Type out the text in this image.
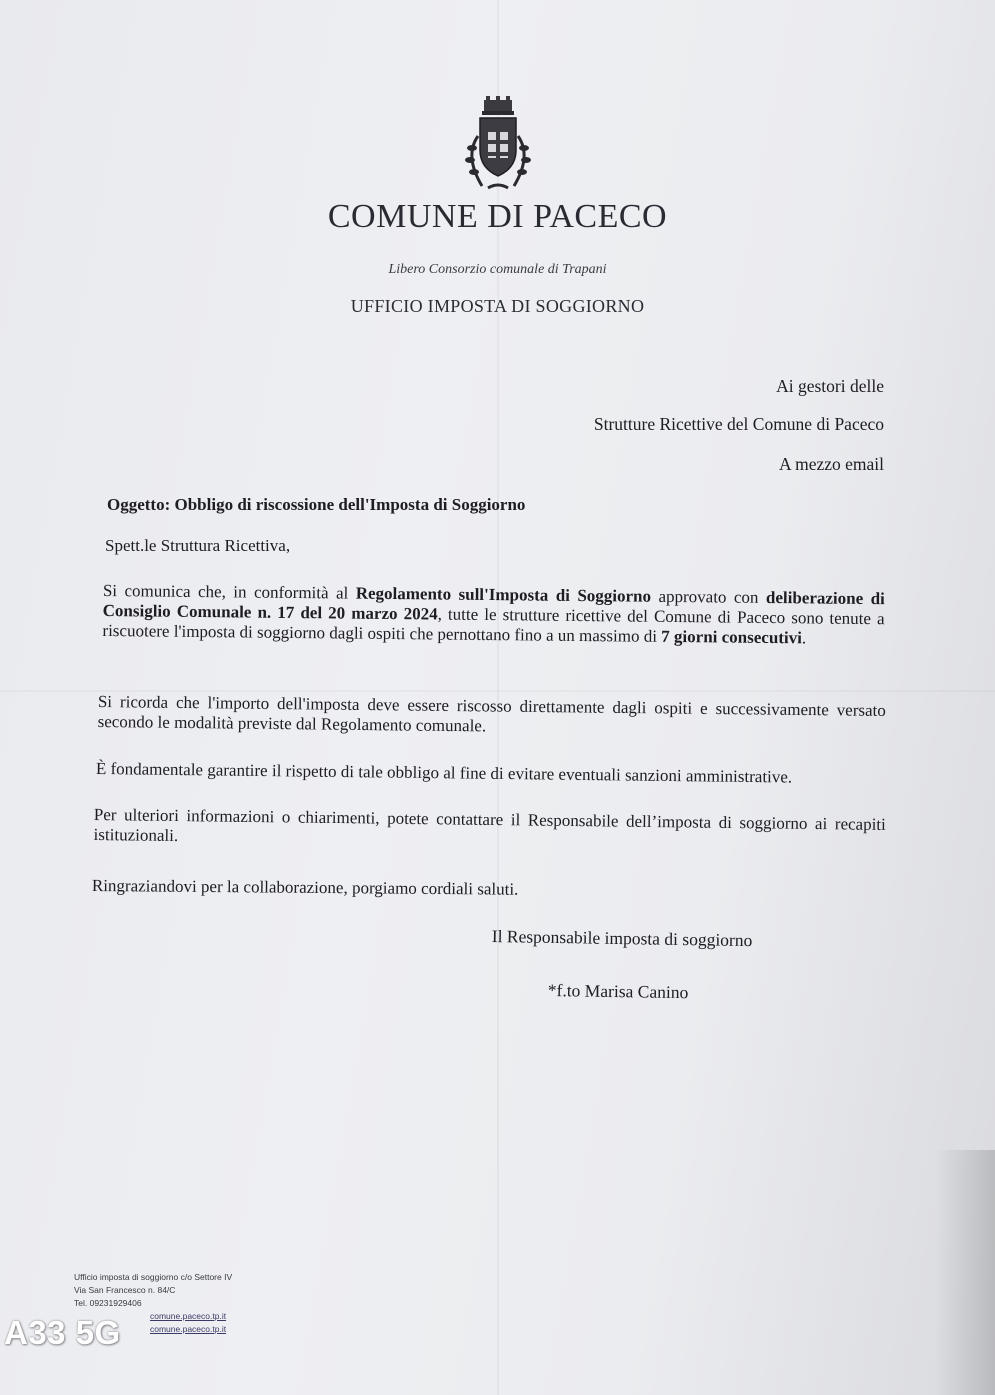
COMUNE DI PACECO
Libero Consorzio comunale di Trapani
UFFICIO IMPOSTA DI SOGGIORNO
Ai gestori delle
Strutture Ricettive del Comune di Paceco
A mezzo email
Oggetto: Obbligo di riscossione dell'Imposta di Soggiorno
Spett.le Struttura Ricettiva,
Si comunica che, in conformità al Regolamento sull'Imposta di Soggiorno approvato con deliberazione di Consiglio Comunale n. 17 del 20 marzo 2024, tutte le strutture ricettive del Comune di Paceco sono tenute a riscuotere l'imposta di soggiorno dagli ospiti che pernottano fino a un massimo di 7 giorni consecutivi.
Si ricorda che l'importo dell'imposta deve essere riscosso direttamente dagli ospiti e successivamente versato secondo le modalità previste dal Regolamento comunale.
È fondamentale garantire il rispetto di tale obbligo al fine di evitare eventuali sanzioni amministrative.
Per ulteriori informazioni o chiarimenti, potete contattare il Responsabile dell’imposta di soggiorno ai recapiti istituzionali.
Ringraziandovi per la collaborazione, porgiamo cordiali saluti.
Il Responsabile imposta di soggiorno
*f.to Marisa Canino
Ufficio imposta di soggiorno c/o Settore IV
Via San Francesco n. 84/C
Tel. 09231929406
comune.paceco.tp.it
comune.paceco.tp.it
A33 5G
